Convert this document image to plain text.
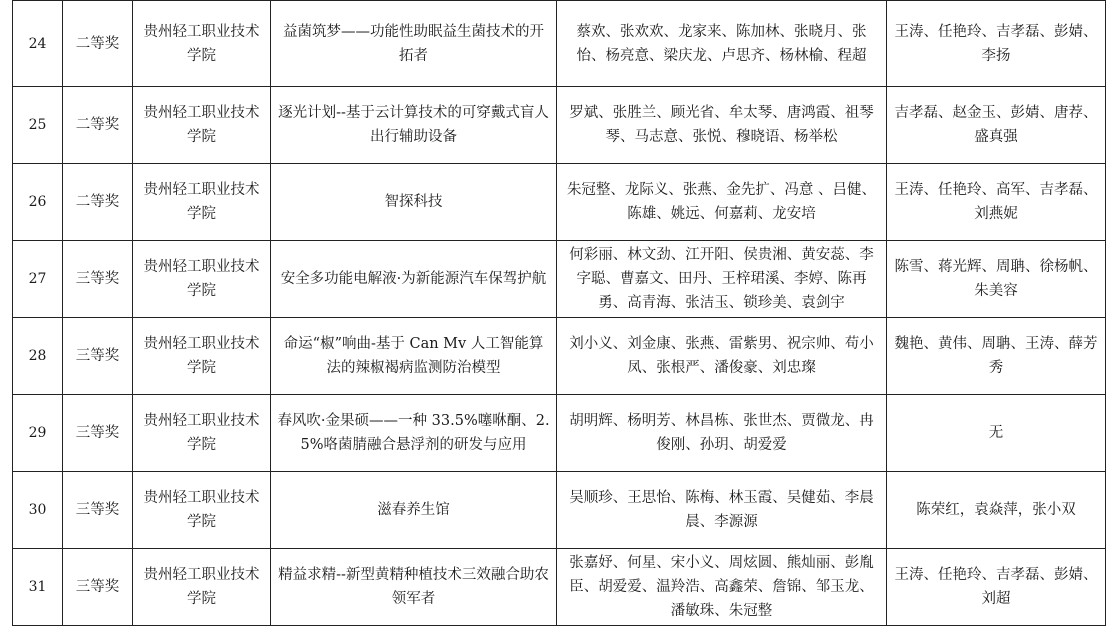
24	二等奖	贵州轻工职业技术学院	益菌筑梦——功能性助眠益生菌技术的开拓者	蔡欢、张欢欢、龙家来、陈加林、张晓月、张怡、杨亮意、梁庆龙、卢思齐、杨林榆、程超	王涛、任艳玲、吉孝磊、彭婧、李扬
25	二等奖	贵州轻工职业技术学院	逐光计划--基于云计算技术的可穿戴式盲人出行辅助设备	罗斌、张胜兰、顾光省、牟太琴、唐鸿霞、祖琴琴、马志意、张悦、穆晓语、杨举松	吉孝磊、赵金玉、彭婧、唐荐、盛真强
26	二等奖	贵州轻工职业技术学院	智探科技	朱冠整、龙际义、张燕、金先扩、冯意 、吕健、陈雄、姚远、何嘉莉、龙安培	王涛、任艳玲、高军、吉孝磊、刘燕妮
27	三等奖	贵州轻工职业技术学院	安全多功能电解液·为新能源汽车保驾护航	何彩丽、林文劲、江开阳、侯贵湘、黄安蕊、李字聪、曹嘉文、田丹、王梓珺溪、李婷、陈再勇、高青海、张洁玉、锁珍美、袁剑宇	陈雪、蒋光辉、周聃、徐杨帆、朱美容
28	三等奖	贵州轻工职业技术学院	命运“椒”响曲-基于 Can Mv 人工智能算法的辣椒褐病监测防治模型	刘小义、刘金康、张燕、雷紫男、祝宗帅、苟小凤、张根严、潘俊豪、刘忠璨	魏艳、黄伟、周聃、王涛、薛芳秀
29	三等奖	贵州轻工职业技术学院	春风吹·金果硕——一种 33.5%噻咻酮、2.5%咯菌腈融合悬浮剂的研发与应用	胡明辉、杨明芳、林昌栋、张世杰、贾微龙、冉俊刚、孙玥、胡爱爱	无
30	三等奖	贵州轻工职业技术学院	滋春养生馆	吴顺珍、王思怡、陈梅、林玉霞、吴健茹、李晨晨、李源源	陈荣红，袁焱萍，张小双
31	三等奖	贵州轻工职业技术学院	精益求精--新型黄精种植技术三效融合助农领军者	张嘉妤、何星、宋小义、周炫圆、熊灿丽、彭胤臣、胡爱爱、温羚浩、高鑫荣、詹锦、邹玉龙、潘敏珠、朱冠整	王涛、任艳玲、吉孝磊、彭婧、刘超
